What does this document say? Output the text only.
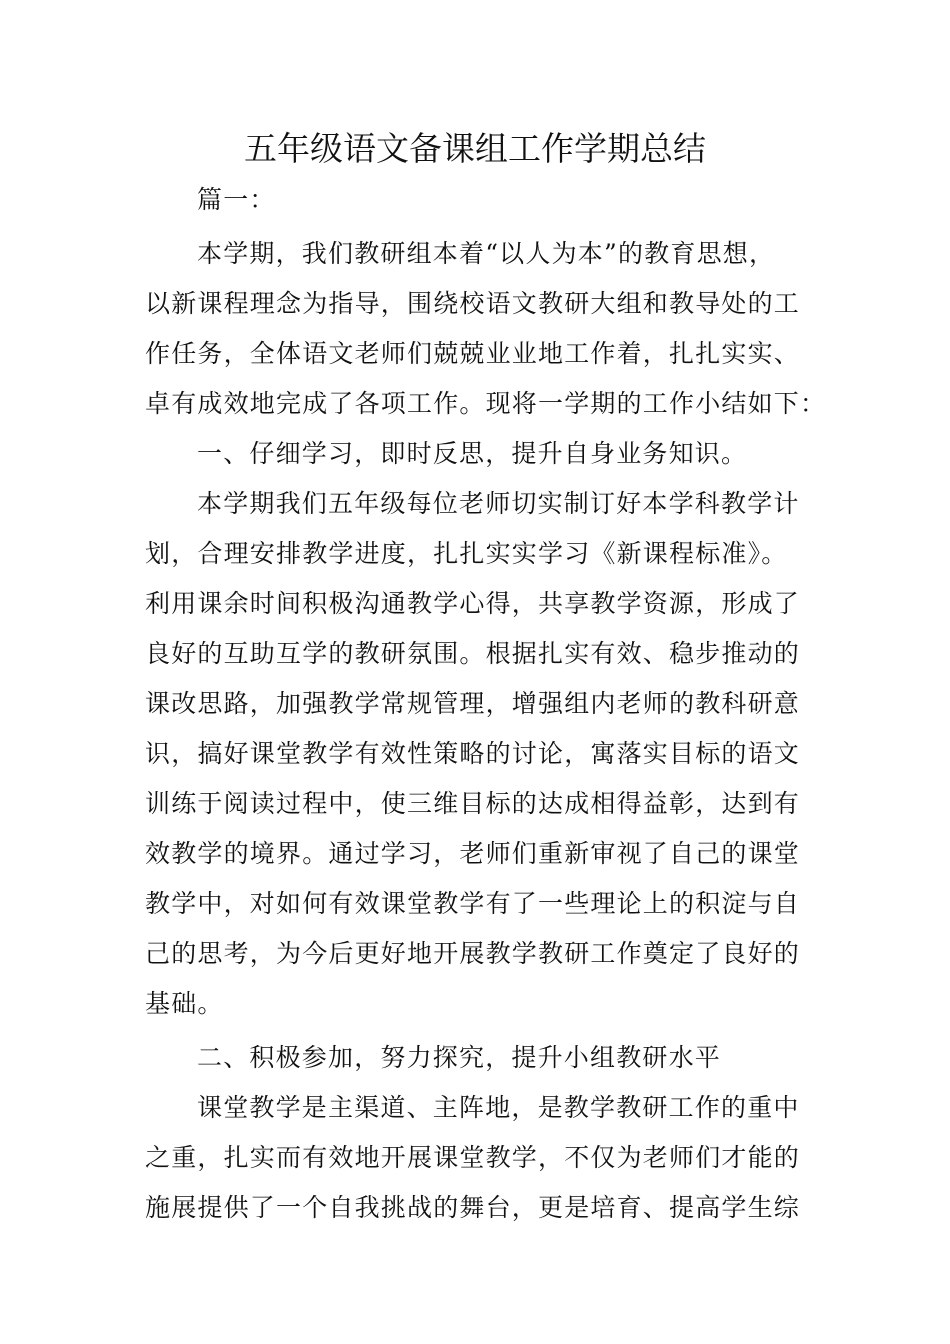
五年级语文备课组工作学期总结

篇一：

本学期，我们教研组本着“以人为本”的教育思想，
以新课程理念为指导，围绕校语文教研大组和教导处的工
作任务，全体语文老师们兢兢业业地工作着，扎扎实实、
卓有成效地完成了各项工作。现将一学期的工作小结如下：

一、仔细学习，即时反思，提升自身业务知识。

本学期我们五年级每位老师切实制订好本学科教学计
划，合理安排教学进度，扎扎实实学习《新课程标准》。
利用课余时间积极沟通教学心得，共享教学资源，形成了
良好的互助互学的教研氛围。根据扎实有效、稳步推动的
课改思路，加强教学常规管理，增强组内老师的教科研意
识，搞好课堂教学有效性策略的讨论，寓落实目标的语文
训练于阅读过程中，使三维目标的达成相得益彰，达到有
效教学的境界。通过学习，老师们重新审视了自己的课堂
教学中，对如何有效课堂教学有了一些理论上的积淀与自
己的思考，为今后更好地开展教学教研工作奠定了良好的
基础。

二、积极参加，努力探究，提升小组教研水平

课堂教学是主渠道、主阵地，是教学教研工作的重中
之重，扎实而有效地开展课堂教学，不仅为老师们才能的
施展提供了一个自我挑战的舞台，更是培育、提高学生综
